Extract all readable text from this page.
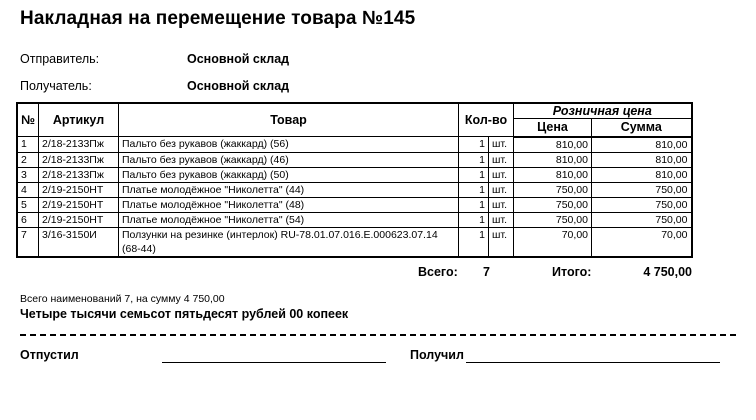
Накладная на перемещение товара №145
Отправитель:	Основной склад
Получатель:	Основной склад
№	Артикул	Товар	Кол-во		Розничная цена	
					Цена	Сумма
1	2/18-2133Пж	Пальто без рукавов (жаккард) (56)	1	шт.	810,00	810,00
2	2/18-2133Пж	Пальто без рукавов (жаккард) (46)	1	шт.	810,00	810,00
3	2/18-2133Пж	Пальто без рукавов (жаккард) (50)	1	шт.	810,00	810,00
4	2/19-2150НТ	Платье молодёжное "Николетта" (44)	1	шт.	750,00	750,00
5	2/19-2150НТ	Платье молодёжное "Николетта" (48)	1	шт.	750,00	750,00
6	2/19-2150НТ	Платье молодёжное "Николетта" (54)	1	шт.	750,00	750,00
7	3/16-3150И	Ползунки на резинке (интерлок) RU-78.01.07.016.E.000623.07.14 (68-44)	1	шт.	70,00	70,00
Всего: 7	Итого:	4 750,00
Всего наименований 7, на сумму 4 750,00
Четыре тысячи семьсот пятьдесят рублей 00 копеек
Отпустил	Получил
